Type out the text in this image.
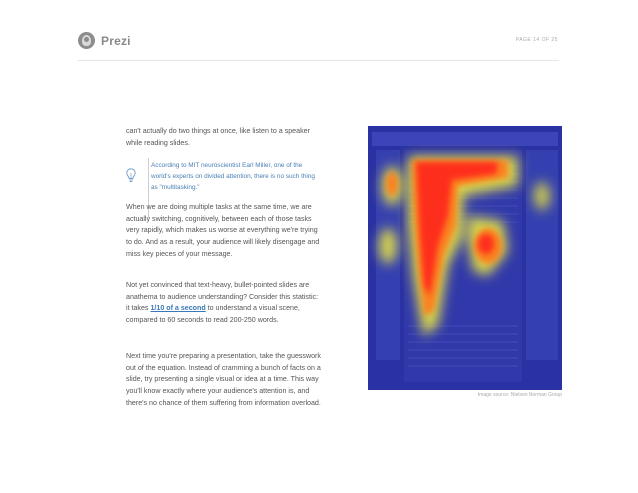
Prezi	PAGE 14 OF 25

can't actually do two things at once, like listen to a speaker while reading slides.

According to MIT neuroscientist Earl Miller, one of the world's experts on divided attention, there is no such thing as "multitasking."

When we are doing multiple tasks at the same time, we are actually switching, cognitively, between each of those tasks very rapidly, which makes us worse at everything we're trying to do. And as a result, your audience will likely disengage and miss key pieces of your message.

Not yet convinced that text-heavy, bullet-pointed slides are anathema to audience understanding? Consider this statistic: it takes 1/10 of a second to understand a visual scene, compared to 60 seconds to read 200-250 words.

Next time you're preparing a presentation, take the guesswork out of the equation. Instead of cramming a bunch of facts on a slide, try presenting a single visual or idea at a time. This way you'll know exactly where your audience's attention is, and there's no chance of them suffering from information overload.

Image source: Nielsen Norman Group
